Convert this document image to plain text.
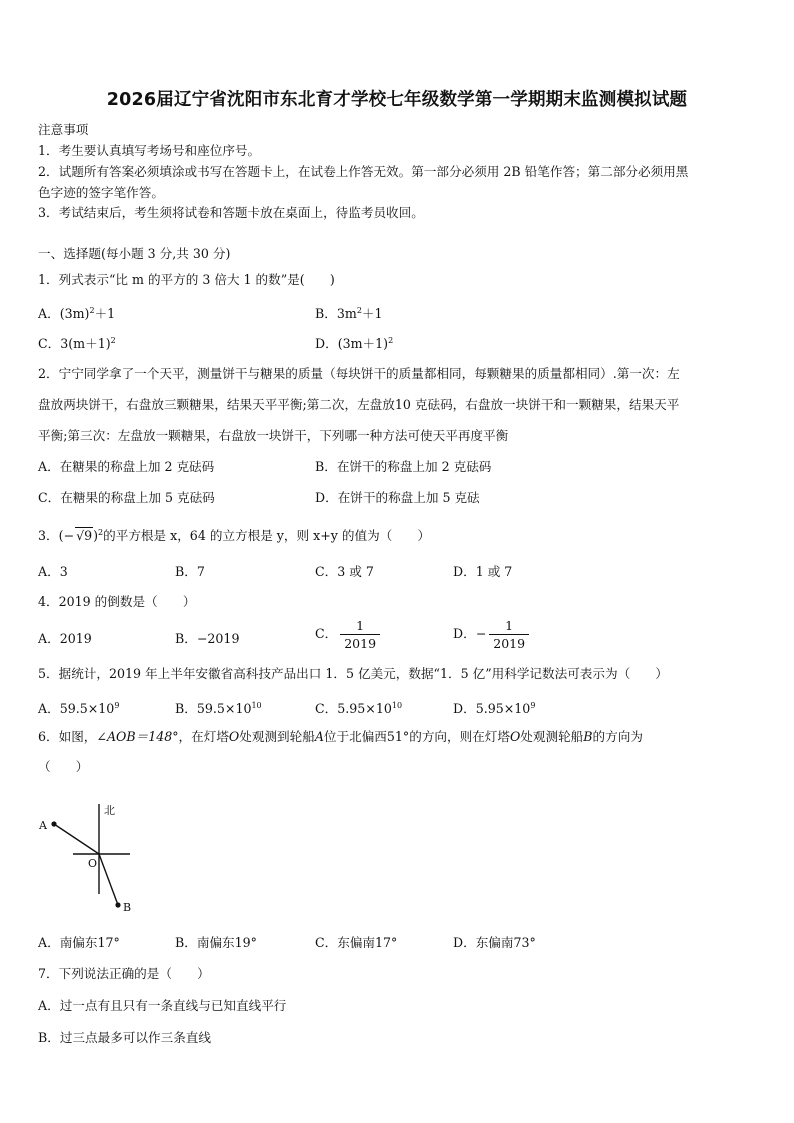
2026届辽宁省沈阳市东北育才学校七年级数学第一学期期末监测模拟试题
注意事项
1．考生要认真填写考场号和座位序号。
2．试题所有答案必须填涂或书写在答题卡上，在试卷上作答无效。第一部分必须用 2B 铅笔作答；第二部分必须用黑
色字迹的签字笔作答。
3．考试结束后，考生须将试卷和答题卡放在桌面上，待监考员收回。
一、选择题(每小题 3 分,共 30 分)
1．列式表示“比 m 的平方的 3 倍大 1 的数”是(　　)
A．$(3m)^2+1$	B．$3m^2+1$
C．$3(m+1)^2$	D．$(3m+1)^2$
2．宁宁同学拿了一个天平，测量饼干与糖果的质量（每块饼干的质量都相同，每颗糖果的质量都相同）.第一次：左
盘放两块饼干，右盘放三颗糖果，结果天平平衡;第二次，左盘放10 克砝码，右盘放一块饼干和一颗糖果，结果天平
平衡;第三次：左盘放一颗糖果，右盘放一块饼干，下列哪一种方法可使天平再度平衡
A．在糖果的称盘上加 2 克砝码	B．在饼干的称盘上加 2 克砝码
C．在糖果的称盘上加 5 克砝码	D．在饼干的称盘上加 5 克砝
3．(− √9)$^2$的平方根是 x，64 的立方根是 y，则 x+y 的值为（　　）
A．3	B．7	C．3 或 7	D．1 或 7
4．2019 的倒数是（　　）
A．2019	B．−2019	C． $\frac{1}{2019}$	D．− $\frac{1}{2019}$
5．据统计，2019 年上半年安徽省高科技产品出口 1．5 亿美元，数据“1．5 亿”用科学记数法可表示为（　　）
A．$59.5\times 10^9$	B．$59.5\times 10^{10}$	C．$5.95\times 10^{10}$	D．$5.95\times 10^9$
6．如图，∠AOB＝148°，在灯塔O处观测到轮船A位于北偏西51°的方向，则在灯塔O处观测轮船B的方向为
（　　）
北
A
O
B
A．南偏东17°	B．南偏东19°	C．东偏南17°	D．东偏南73°
7．下列说法正确的是（　　）
A．过一点有且只有一条直线与已知直线平行
B．过三点最多可以作三条直线
